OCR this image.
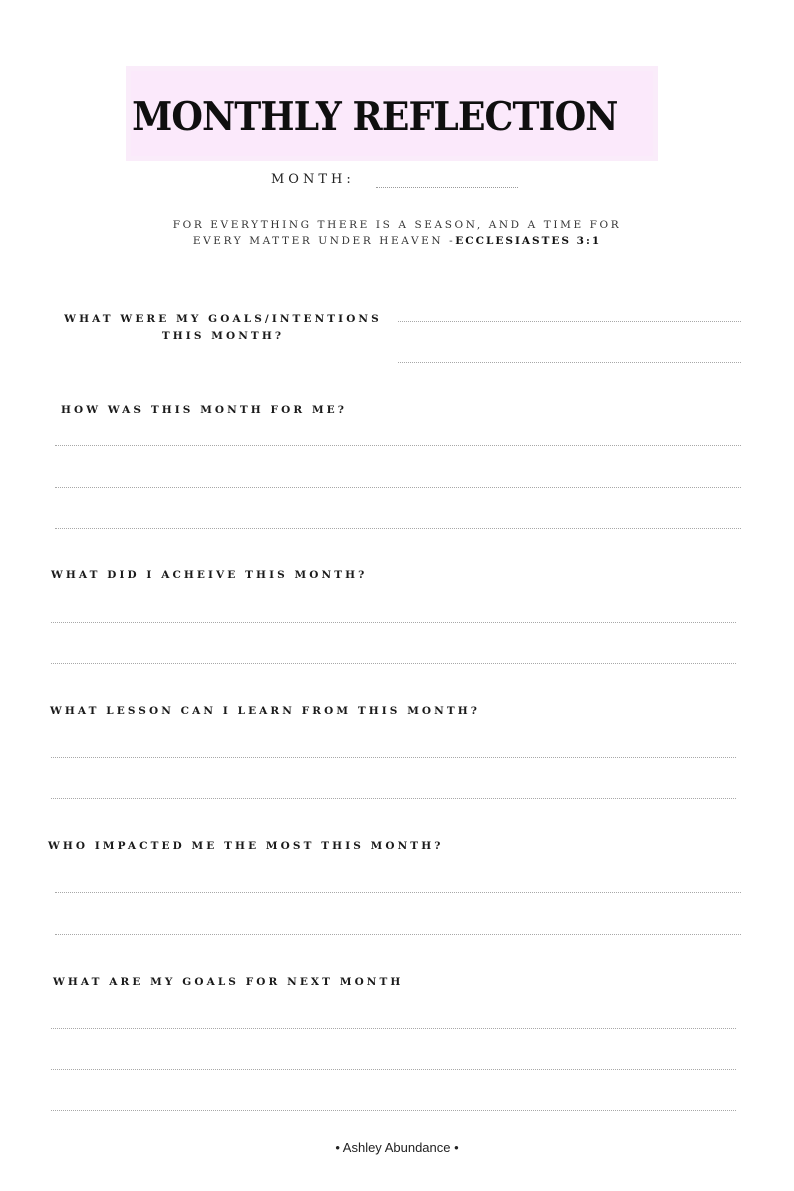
MONTHLY REFLECTION
MONTH:
FOR EVERYTHING THERE IS A SEASON, AND A TIME FOR
EVERY MATTER UNDER HEAVEN -ECCLESIASTES 3:1
WHAT WERE MY GOALS/INTENTIONS
THIS MONTH?
HOW WAS THIS MONTH FOR ME?
WHAT DID I ACHEIVE THIS MONTH?
WHAT LESSON CAN I LEARN FROM THIS MONTH?
WHO IMPACTED ME THE MOST THIS MONTH?
WHAT ARE MY GOALS FOR NEXT MONTH
• Ashley Abundance •
